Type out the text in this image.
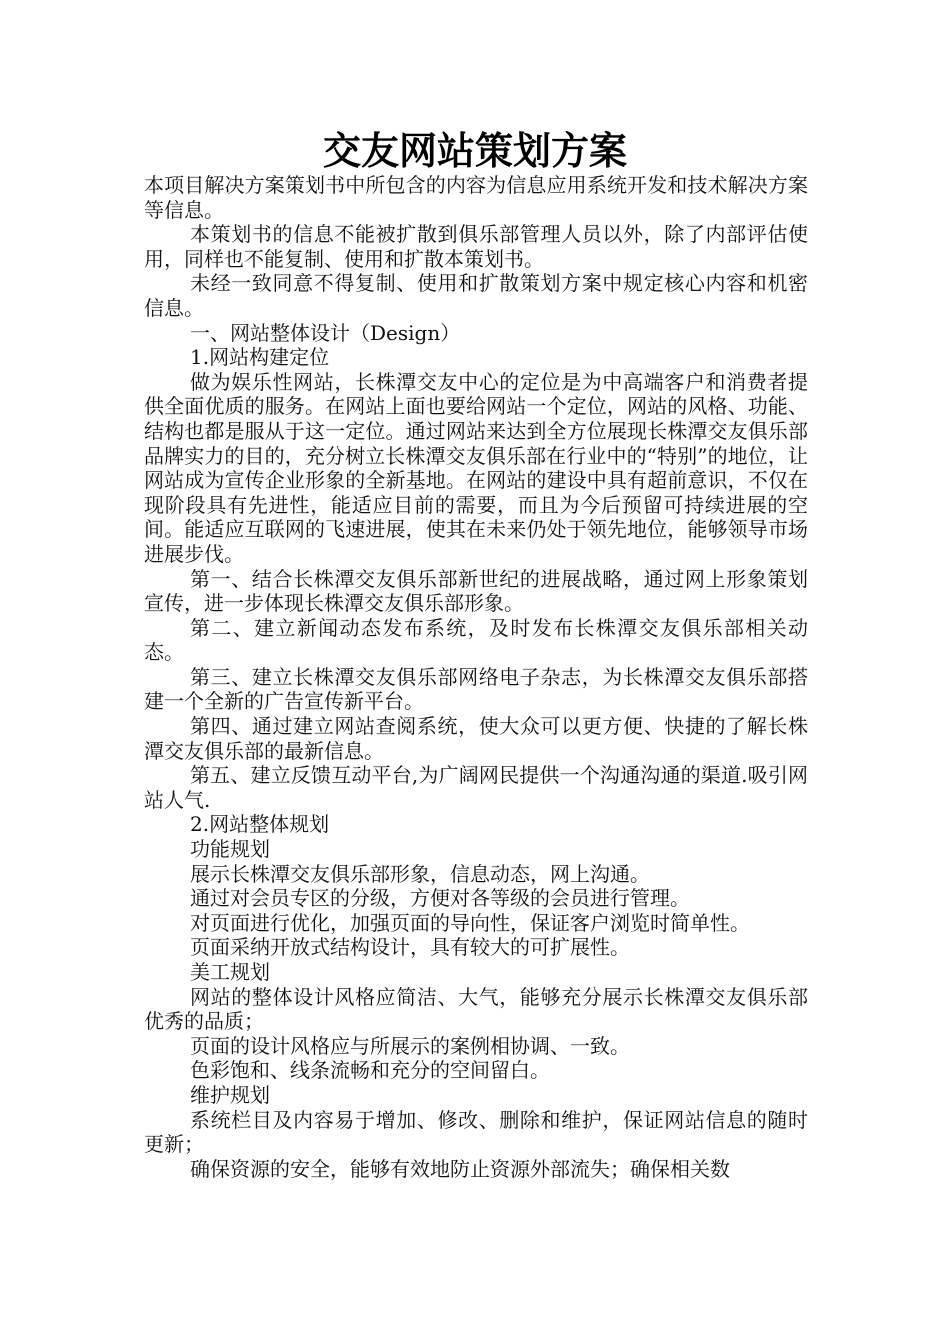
交友网站策划方案

本项目解决方案策划书中所包含的内容为信息应用系统开发和技术解决方案等信息。

本策划书的信息不能被扩散到俱乐部管理人员以外，除了内部评估使用，同样也不能复制、使用和扩散本策划书。

未经一致同意不得复制、使用和扩散策划方案中规定核心内容和机密信息。

一、网站整体设计（Design）

1.网站构建定位

做为娱乐性网站，长株潭交友中心的定位是为中高端客户和消费者提供全面优质的服务。在网站上面也要给网站一个定位，网站的风格、功能、结构也都是服从于这一定位。通过网站来达到全方位展现长株潭交友俱乐部品牌实力的目的，充分树立长株潭交友俱乐部在行业中的“特别”的地位，让网站成为宣传企业形象的全新基地。在网站的建设中具有超前意识，不仅在现阶段具有先进性，能适应目前的需要，而且为今后预留可持续进展的空间。能适应互联网的飞速进展，使其在未来仍处于领先地位，能够领导市场进展步伐。

第一、结合长株潭交友俱乐部新世纪的进展战略，通过网上形象策划宣传，进一步体现长株潭交友俱乐部形象。

第二、建立新闻动态发布系统，及时发布长株潭交友俱乐部相关动态。

第三、建立长株潭交友俱乐部网络电子杂志，为长株潭交友俱乐部搭建一个全新的广告宣传新平台。

第四、通过建立网站查阅系统，使大众可以更方便、快捷的了解长株潭交友俱乐部的最新信息。

第五、建立反馈互动平台,为广阔网民提供一个沟通沟通的渠道.吸引网站人气.

2.网站整体规划

功能规划

展示长株潭交友俱乐部形象，信息动态，网上沟通。

通过对会员专区的分级，方便对各等级的会员进行管理。

对页面进行优化，加强页面的导向性，保证客户浏览时简单性。

页面采纳开放式结构设计，具有较大的可扩展性。

美工规划

网站的整体设计风格应简洁、大气，能够充分展示长株潭交友俱乐部优秀的品质；

页面的设计风格应与所展示的案例相协调、一致。

色彩饱和、线条流畅和充分的空间留白。

维护规划

系统栏目及内容易于增加、修改、删除和维护，保证网站信息的随时更新；

确保资源的安全，能够有效地防止资源外部流失；确保相关数
